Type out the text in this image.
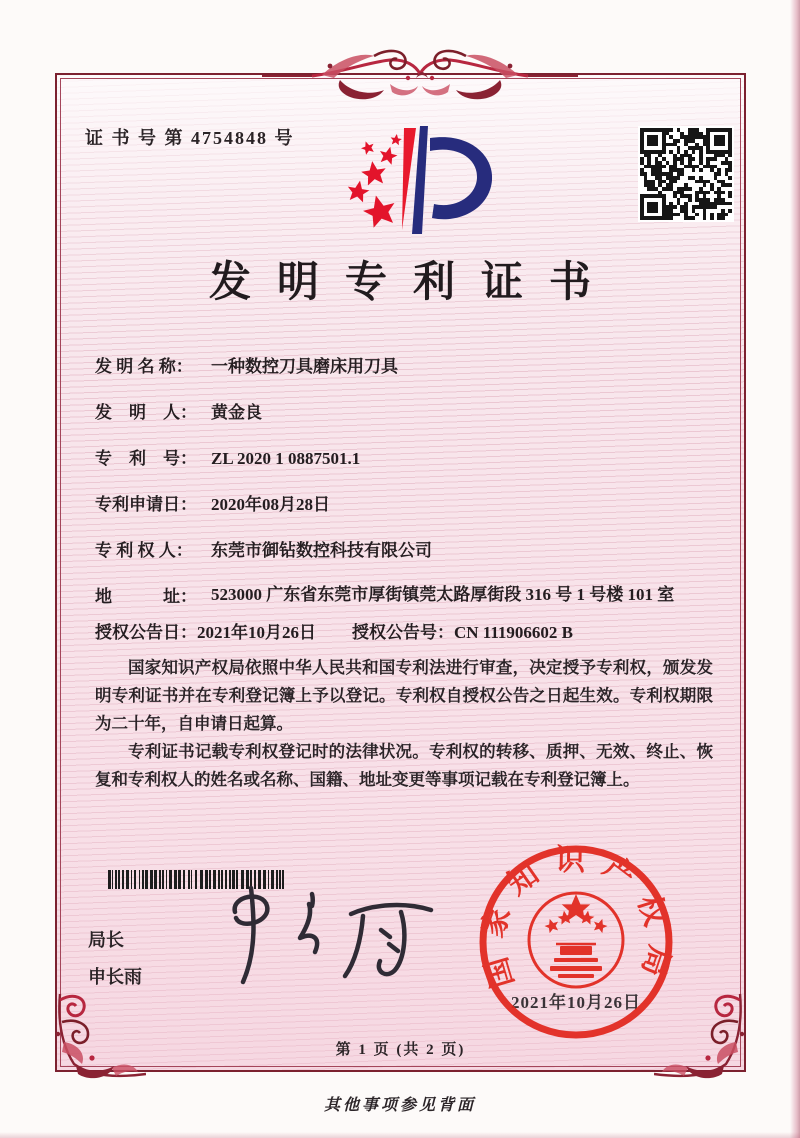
证 书 号 第 4754848 号
发明专利证书
发 明 名 称：	一种数控刀具磨床用刀具
发　明　人： 黄金良
专　利　号： ZL 2020 1 0887501.1
专利申请日： 2020年08月28日
专 利 权 人：	东莞市御钻数控科技有限公司
地　　　址： 523000 广东省东莞市厚街镇莞太路厚街段 316 号 1 号楼 101 室
授权公告日： 2021年10月26日 授权公告号： CN 111906602 B

国家知识产权局依照中华人民共和国专利法进行审查，决定授予专利权，颁发发明专利证书并在专利登记簿上予以登记。专利权自授权公告之日起生效。专利权期限为二十年，自申请日起算。

专利证书记载专利权登记时的法律状况。专利权的转移、质押、无效、终止、恢复和专利权人的姓名或名称、国籍、地址变更等事项记载在专利登记簿上。

局长
申长雨
2021年10月26日
国家知识产权局
第 1 页 (共 2 页)
其他事项参见背面
